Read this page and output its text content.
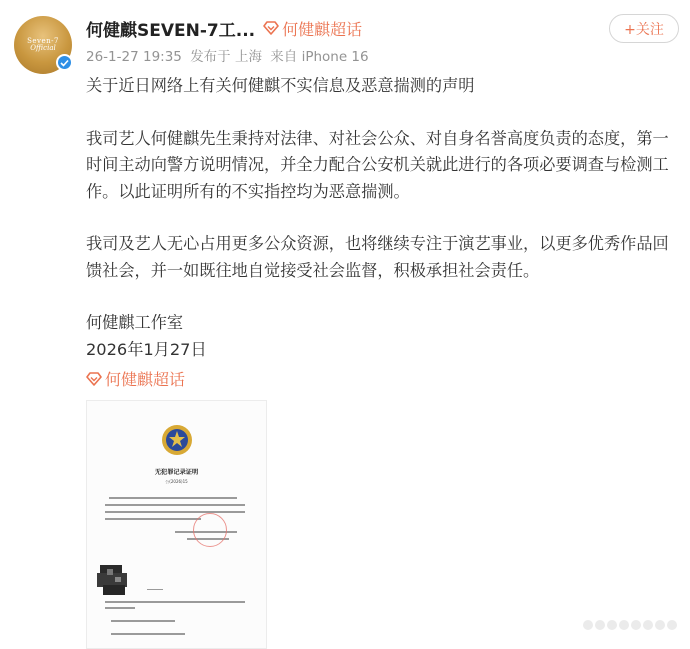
Seven-7
Official
何健麒SEVEN-7工... 何健麒超话
26-1-27 19:35 发布于 上海 来自 iPhone 16
+关注

关于近日网络上有关何健麒不实信息及恶意揣测的声明

我司艺人何健麒先生秉持对法律、对社会公众、对自身名誉高度负责的态度，第一时间主动向警方说明情况，并全力配合公安机关就此进行的各项必要调查与检测工作。以此证明所有的不实指控均为恶意揣测。

我司及艺人无心占用更多公众资源，也将继续专注于演艺事业，以更多优秀作品回馈社会，并一如既往地自觉接受社会监督，积极承担社会责任。

何健麒工作室

2026年1月27日

何健麒超话
无犯罪记录证明
公(2026)15
